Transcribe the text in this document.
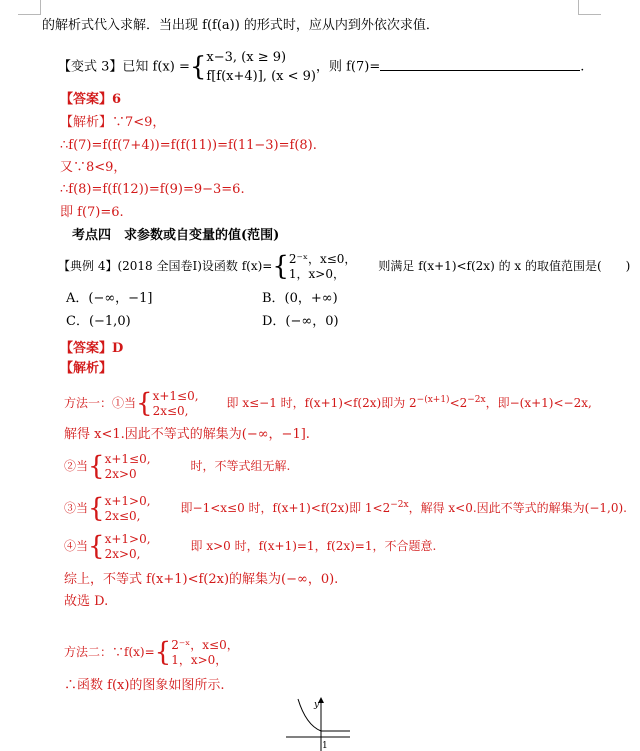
的解析式代入求解．当出现 f(f(a)) 的形式时，应从内到外依次求值．
【变式 3】已知 f(x) ={ x−3, (x ≥ 9)
f[f(x+4)], (x < 9)
，则 f(7)=	.
【答案】6
【解析】∵7<9，
∴f(7)=f(f(7+4))=f(f(11))=f(11−3)=f(8).
又∵8<9，
∴f(8)=f(f(12))=f(9)=9−3=6.
即 f(7)=6.
考点四　求参数或自变量的值(范围)
【典例 4】(2018 全国卷Ⅰ)设函数 f(x)={ 2⁻ˣ，x≤0，
1，x>0，
则满足 f(x+1)<f(2x) 的 x 的取值范围是(　　)
A．(−∞，−1]	B．(0，+∞)
C．(−1,0)	D．(−∞，0)
【答案】D
【解析】
方法一：①当{ x+1≤0,
2x≤0,
即 x≤−1 时，f(x+1)<f(2x)即为 $2^{-(x+1)}<2^{-2x}$，即−(x+1)<−2x,
解得 x<1.因此不等式的解集为(−∞，−1].
②当{ x+1≤0,
2x>0
时，不等式组无解.
③当{ x+1>0,
2x≤0,
即−1<x≤0 时，f(x+1)<f(2x)即 $1<2^{-2x}$，解得 x<0.因此不等式的解集为(−1,0).
④当{ x+1>0,
2x>0,
即 x>0 时，f(x+1)=1，f(2x)=1，不合题意.
综上，不等式 f(x+1)<f(2x)的解集为(−∞，0).
故选 D.
方法二：∵f(x)={ 2⁻ˣ，x≤0，
1，x>0，
∴函数 f(x)的图象如图所示.
y
1
